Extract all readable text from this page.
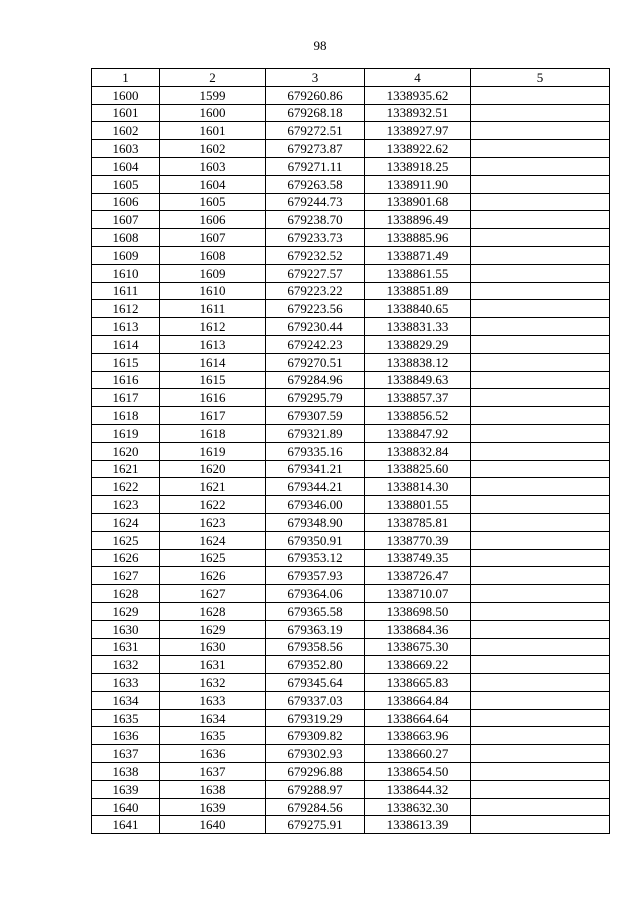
98
1	2	3	4	5
1600	1599	679260.86	1338935.62	
1601	1600	679268.18	1338932.51	
1602	1601	679272.51	1338927.97	
1603	1602	679273.87	1338922.62	
1604	1603	679271.11	1338918.25	
1605	1604	679263.58	1338911.90	
1606	1605	679244.73	1338901.68	
1607	1606	679238.70	1338896.49	
1608	1607	679233.73	1338885.96	
1609	1608	679232.52	1338871.49	
1610	1609	679227.57	1338861.55	
1611	1610	679223.22	1338851.89	
1612	1611	679223.56	1338840.65	
1613	1612	679230.44	1338831.33	
1614	1613	679242.23	1338829.29	
1615	1614	679270.51	1338838.12	
1616	1615	679284.96	1338849.63	
1617	1616	679295.79	1338857.37	
1618	1617	679307.59	1338856.52	
1619	1618	679321.89	1338847.92	
1620	1619	679335.16	1338832.84	
1621	1620	679341.21	1338825.60	
1622	1621	679344.21	1338814.30	
1623	1622	679346.00	1338801.55	
1624	1623	679348.90	1338785.81	
1625	1624	679350.91	1338770.39	
1626	1625	679353.12	1338749.35	
1627	1626	679357.93	1338726.47	
1628	1627	679364.06	1338710.07	
1629	1628	679365.58	1338698.50	
1630	1629	679363.19	1338684.36	
1631	1630	679358.56	1338675.30	
1632	1631	679352.80	1338669.22	
1633	1632	679345.64	1338665.83	
1634	1633	679337.03	1338664.84	
1635	1634	679319.29	1338664.64	
1636	1635	679309.82	1338663.96	
1637	1636	679302.93	1338660.27	
1638	1637	679296.88	1338654.50	
1639	1638	679288.97	1338644.32	
1640	1639	679284.56	1338632.30	
1641	1640	679275.91	1338613.39	
